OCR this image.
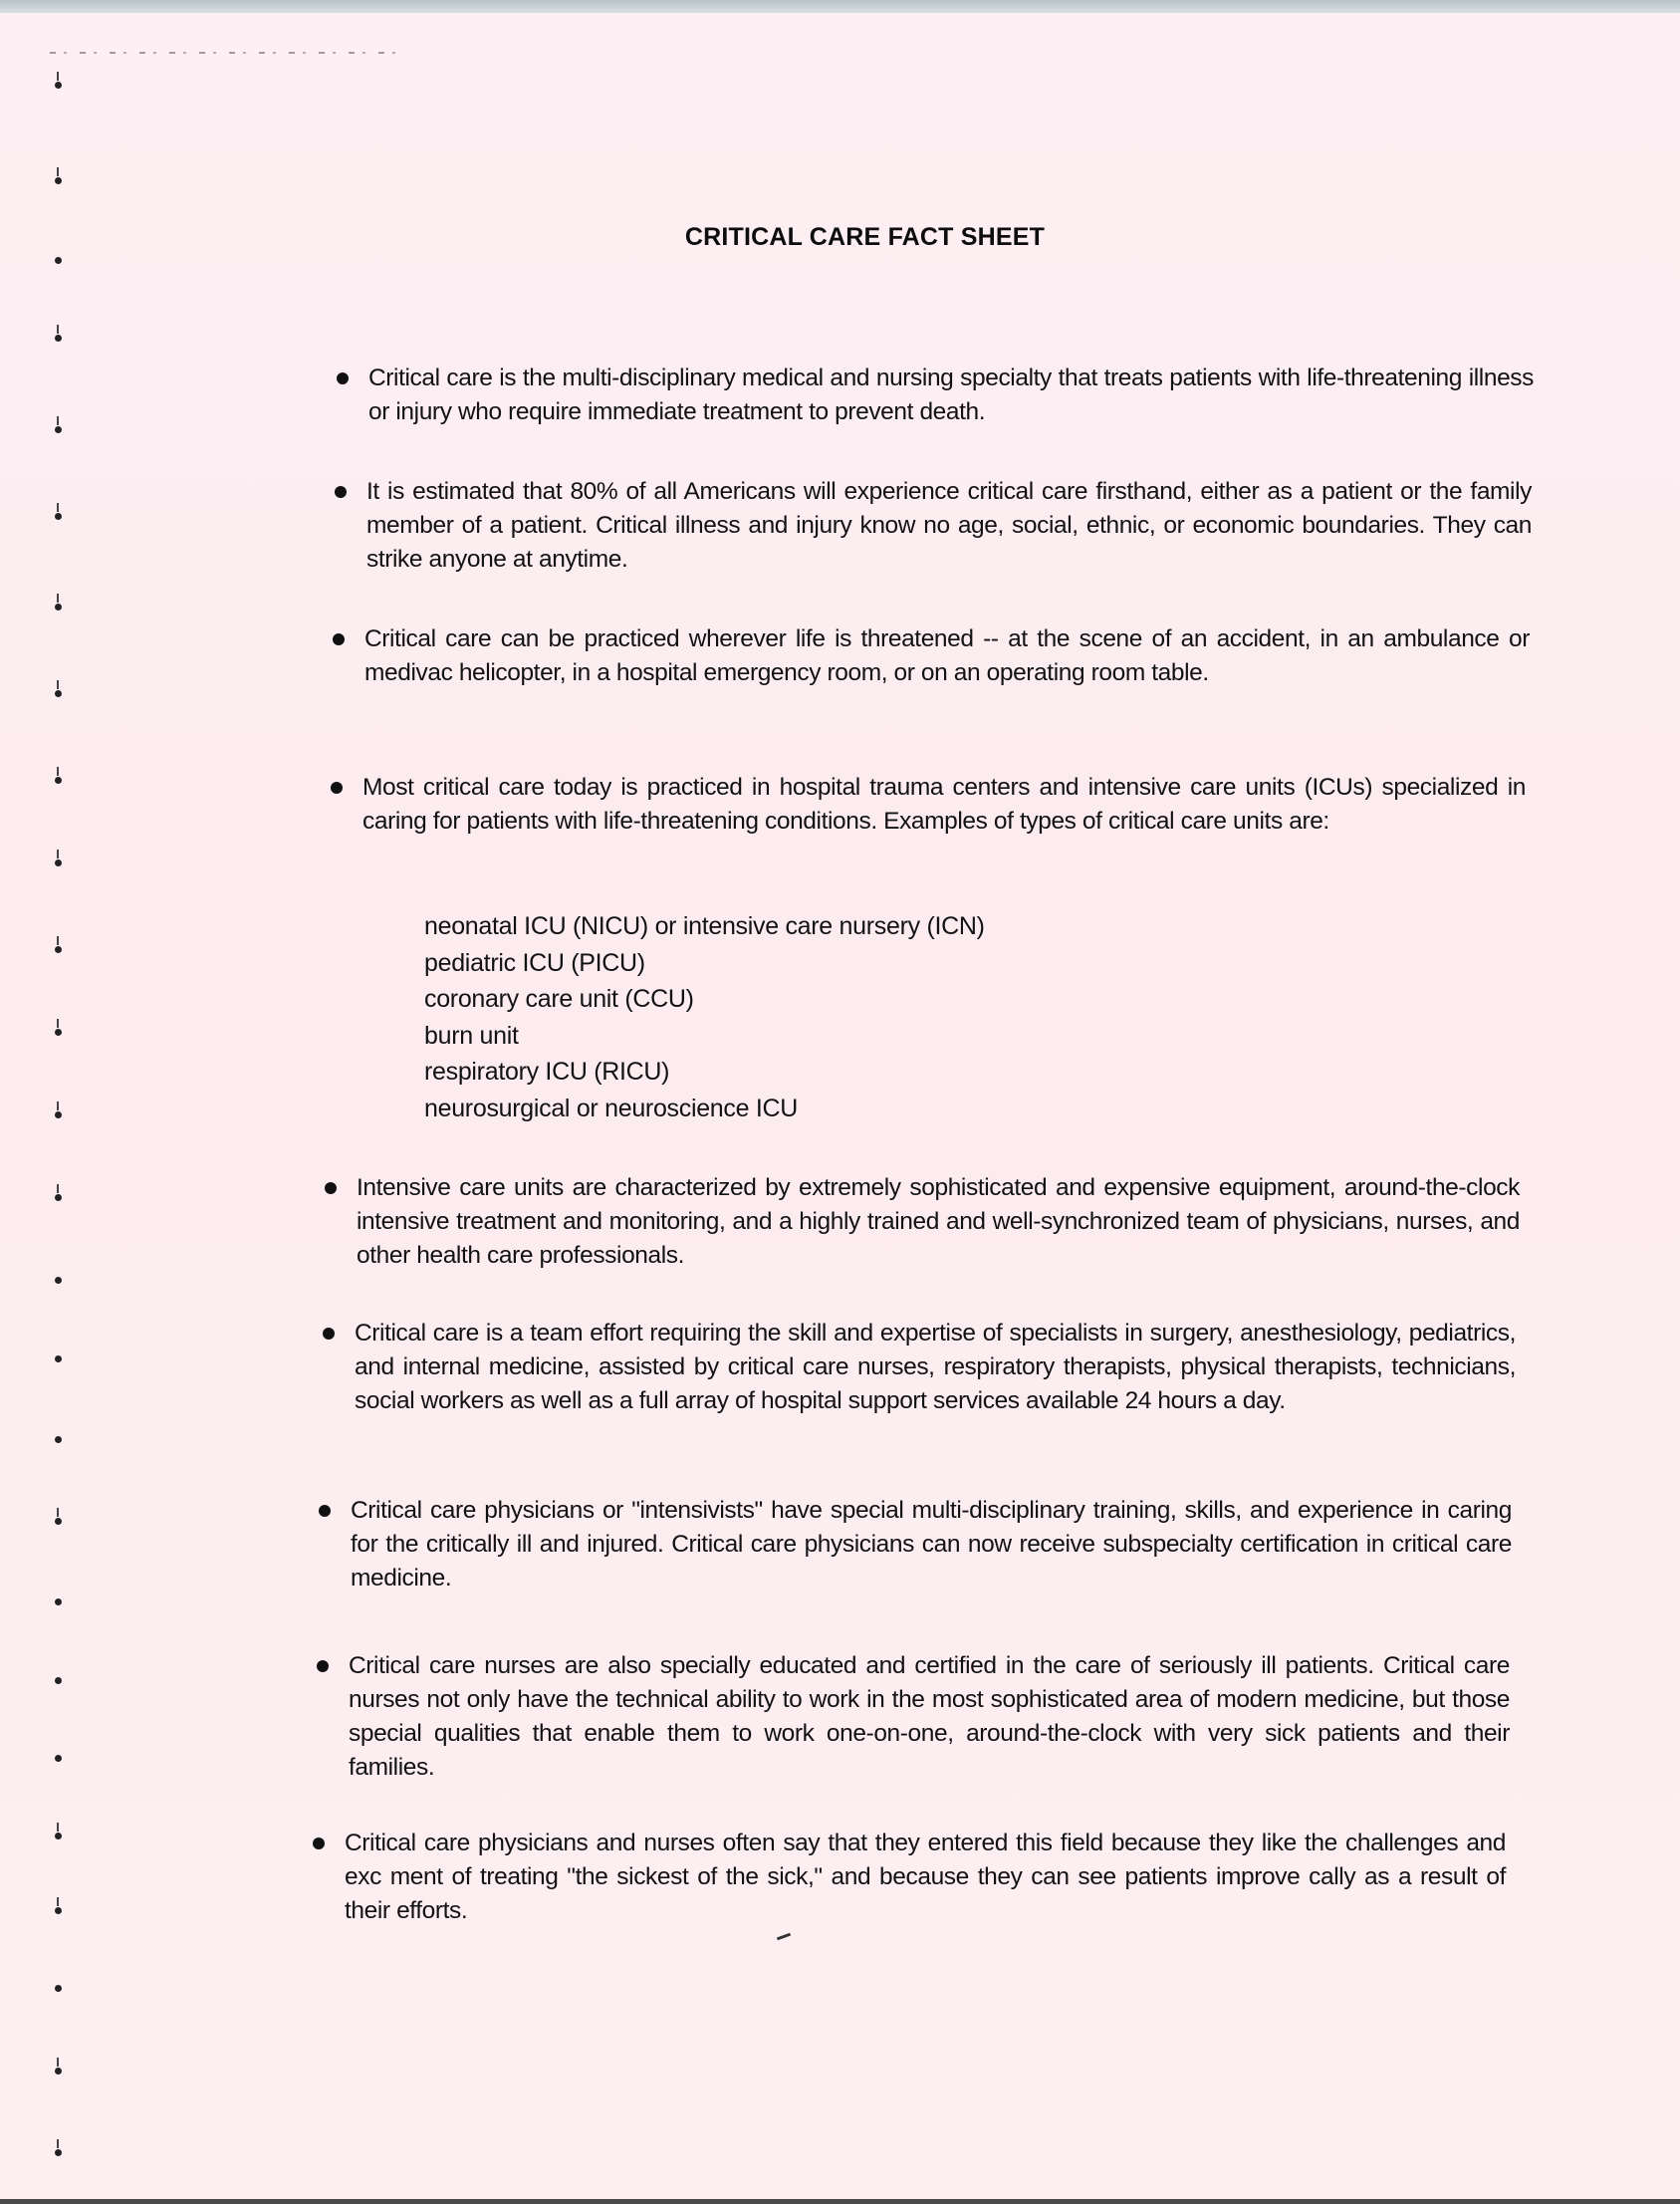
CRITICAL CARE FACT SHEET
Critical care is the multi-disciplinary medical and nursing specialty that treats patients with life-threatening illness or injury who require immediate treatment to prevent death.
It is estimated that 80% of all Americans will experience critical care firsthand, either as a patient or the family member of a patient. Critical illness and injury know no age, social, ethnic, or economic boundaries. They can strike anyone at anytime.
Critical care can be practiced wherever life is threatened -- at the scene of an accident, in an ambulance or medivac helicopter, in a hospital emergency room, or on an operating room table.
Most critical care today is practiced in hospital trauma centers and intensive care units (ICUs) specialized in caring for patients with life-threatening conditions. Examples of types of critical care units are:
Intensive care units are characterized by extremely sophisticated and expensive equipment, around-the-clock intensive treatment and monitoring, and a highly trained and well-synchronized team of physicians, nurses, and other health care professionals.
Critical care is a team effort requiring the skill and expertise of specialists in surgery, anesthesiology, pediatrics, and internal medicine, assisted by critical care nurses, respiratory therapists, physical therapists, technicians, social workers as well as a full array of hospital support services available 24 hours a day.
Critical care physicians or "intensivists" have special multi-disciplinary training, skills, and experience in caring for the critically ill and injured. Critical care physicians can now receive subspecialty certification in critical care medicine.
Critical care nurses are also specially educated and certified in the care of seriously ill patients. Critical care nurses not only have the technical ability to work in the most sophisticated area of modern medicine, but those special qualities that enable them to work one-on-one, around-the-clock with very sick patients and their families.
Critical care physicians and nurses often say that they entered this field because they like the challenges and exc ment of treating "the sickest of the sick," and because they can see patients improve cally as a result of their efforts.
neonatal ICU (NICU) or intensive care nursery (ICN)
pediatric ICU (PICU)
coronary care unit (CCU)
burn unit
respiratory ICU (RICU)
neurosurgical or neuroscience ICU
